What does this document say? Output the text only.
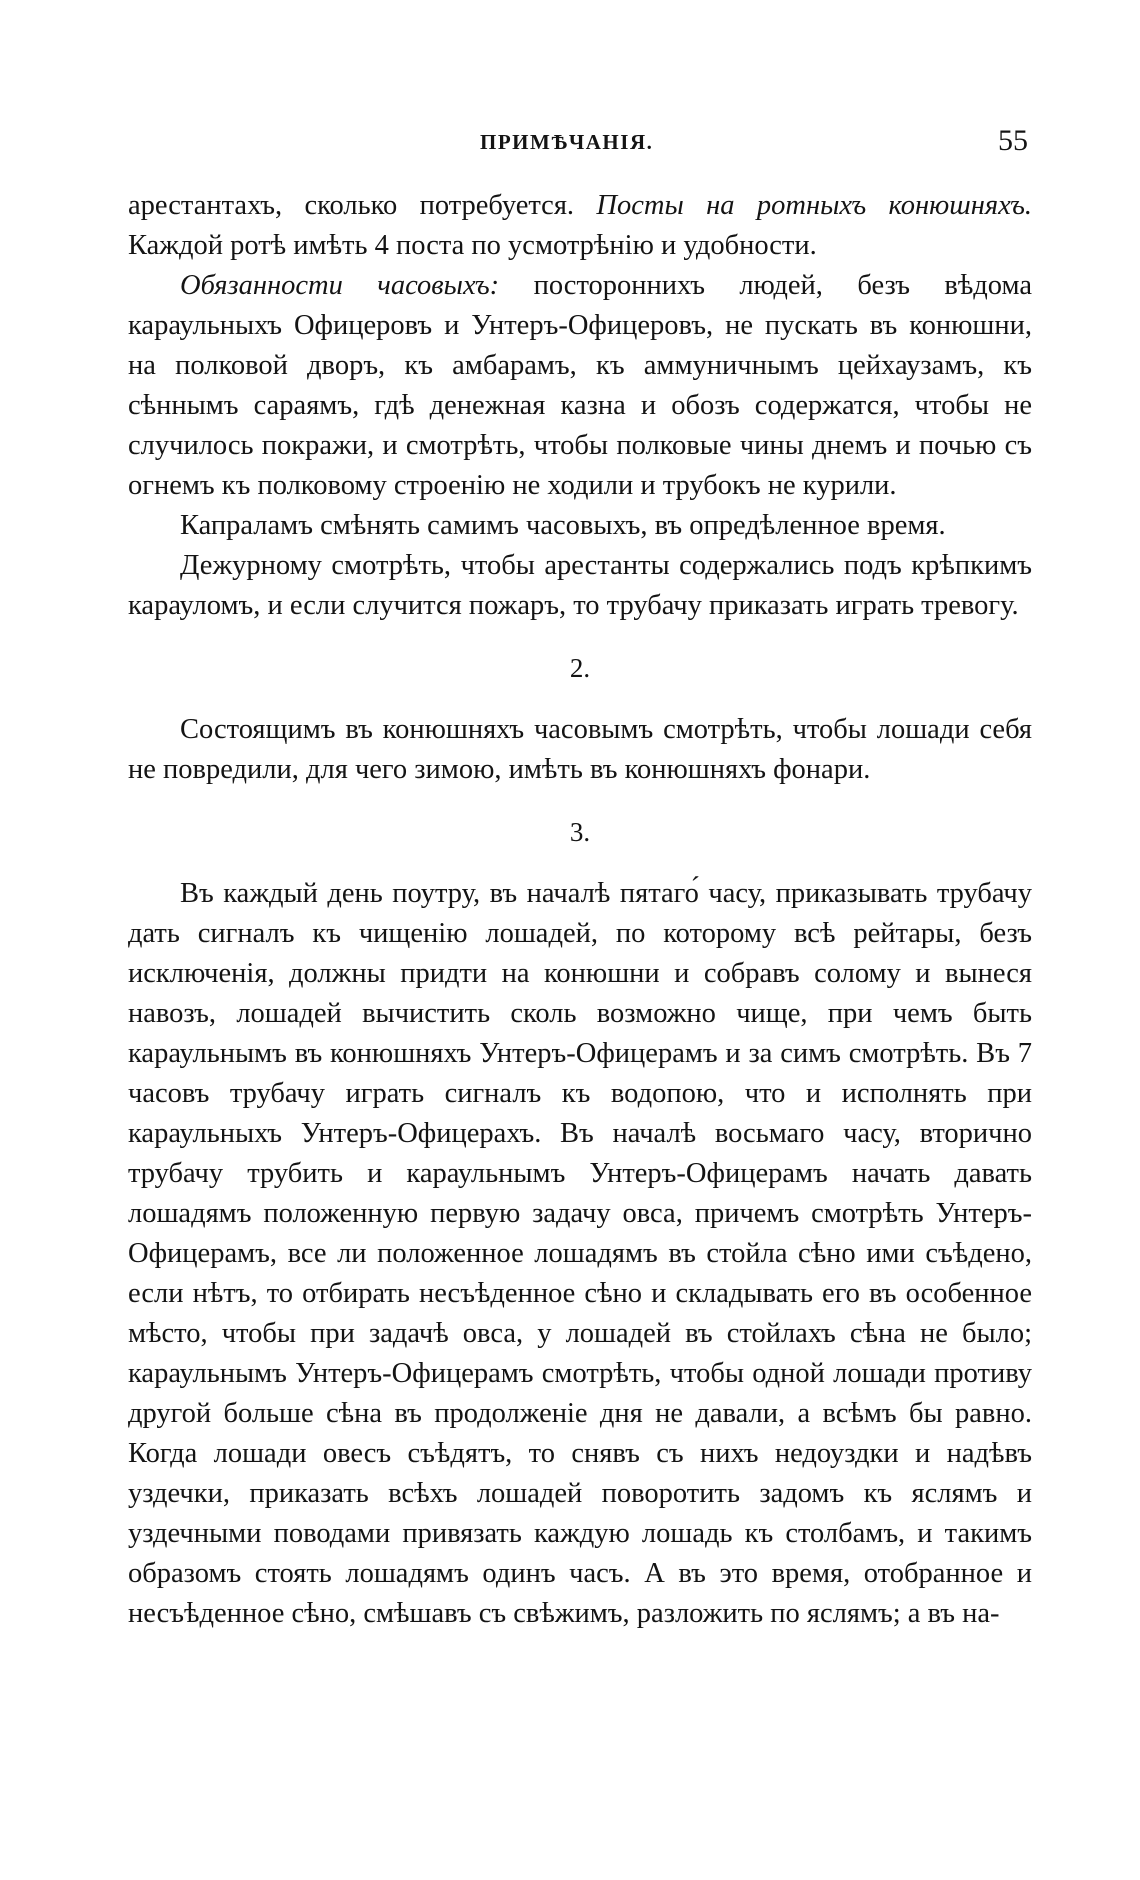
ПРИМѢЧАНІЯ.	55

арестантахъ, сколько потребуется. Посты на ротныхъ конюшняхъ. Каждой ротѣ имѣть 4 поста по усмотрѣнію и удобности.

Обязанности часовыхъ: постороннихъ людей, безъ вѣдома караульныхъ Офицеровъ и Унтеръ-Офицеровъ, не пускать въ конюшни, на полковой дворъ, къ амбарамъ, къ аммуничнымъ цейхаузамъ, къ сѣннымъ сараямъ, гдѣ денежная казна и обозъ содержатся, чтобы не случилось покражи, и смотрѣть, чтобы полковые чины днемъ и почью съ огнемъ къ полковому строенію не ходили и трубокъ не курили.

Капраламъ смѣнять самимъ часовыхъ, въ опредѣленное время.

Дежурному смотрѣть, чтобы арестанты содержались подъ крѣпкимъ карауломъ, и если случится пожаръ, то трубачу приказать играть тревогу.

2.

Состоящимъ въ конюшняхъ часовымъ смотрѣть, чтобы лошади себя не повредили, для чего зимою, имѣть въ конюшняхъ фонари.

3.

Въ каждый день поутру, въ началѣ пятаго́ часу, приказывать трубачу дать сигналъ къ чищенію лошадей, по которому всѣ рейтары, безъ исключенія, должны придти на конюшни и собравъ солому и вынеся навозъ, лошадей вычистить сколь возможно чище, при чемъ быть караульнымъ въ конюшняхъ Унтеръ-Офицерамъ и за симъ смотрѣть. Въ 7 часовъ трубачу играть сигналъ къ водопою, что и исполнять при караульныхъ Унтеръ-Офицерахъ. Въ началѣ восьмаго часу, вторично трубачу трубить и караульнымъ Унтеръ-Офицерамъ начать давать лошадямъ положенную первую задачу овса, причемъ смотрѣть Унтеръ-Офицерамъ, все ли положенное лошадямъ въ стойла сѣно ими съѣдено, если нѣтъ, то отбирать несъѣденное сѣно и складывать его въ особенное мѣсто, чтобы при задачѣ овса, у лошадей въ стойлахъ сѣна не было; караульнымъ Унтеръ-Офицерамъ смотрѣть, чтобы одной лошади противу другой больше сѣна въ продолженіе дня не давали, а всѣмъ бы равно. Когда лошади овесъ съѣдятъ, то снявъ съ нихъ недоуздки и надѣвъ уздечки, приказать всѣхъ лошадей поворотить задомъ къ яслямъ и уздечными поводами привязать каждую лошадь къ столбамъ, и такимъ образомъ стоять лошадямъ одинъ часъ. А въ это время, отобранное и несъѣденное сѣно, смѣшавъ съ свѣжимъ, разложить по яслямъ; а въ на-
